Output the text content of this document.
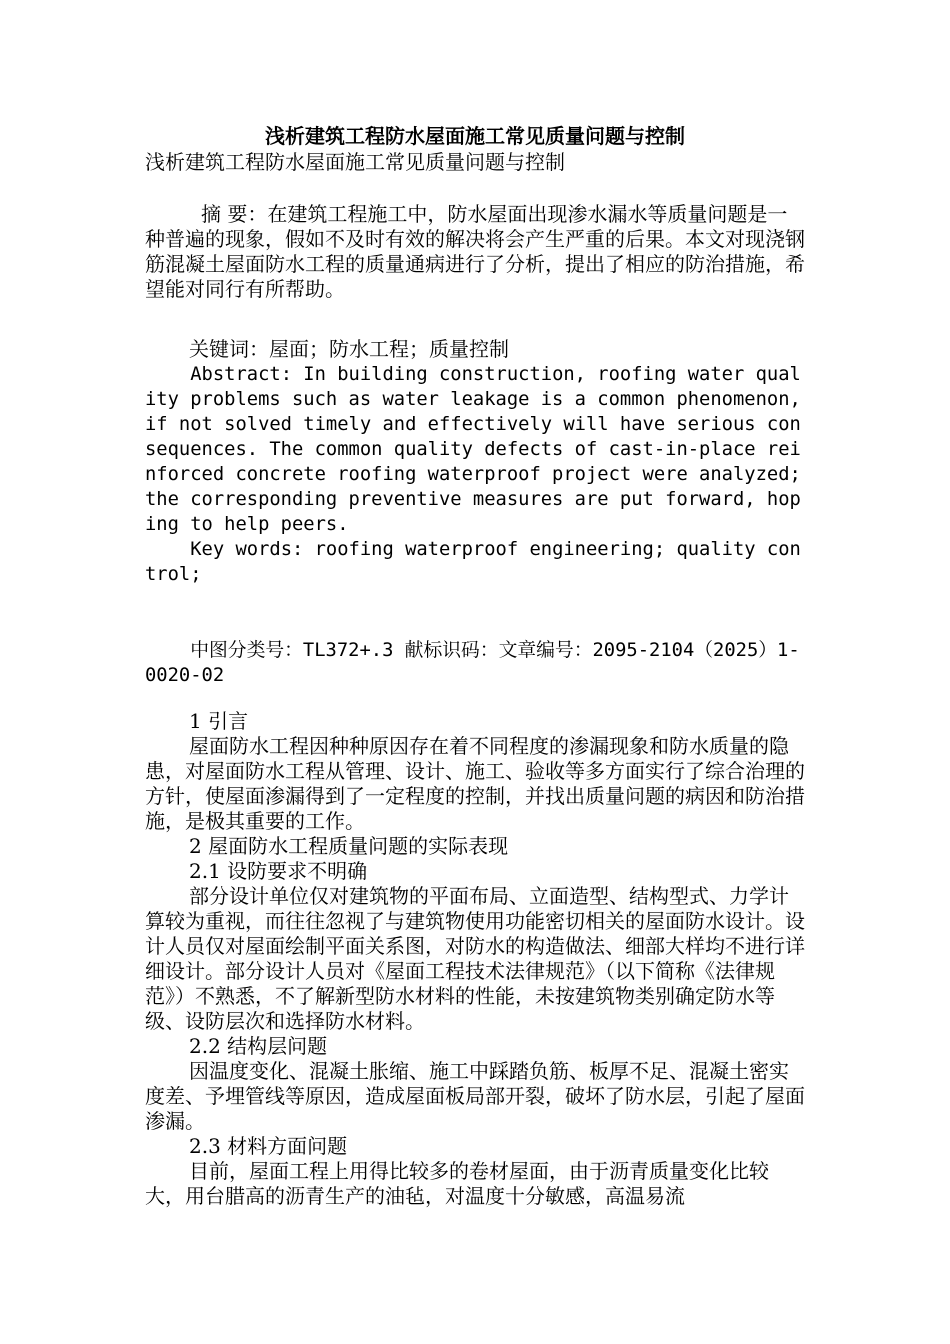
浅析建筑工程防水屋面施工常见质量问题与控制

浅析建筑工程防水屋面施工常见质量问题与控制

摘 要：在建筑工程施工中，防水屋面出现渗水漏水等质量问题是一种普遍的现象，假如不及时有效的解决将会产生严重的后果。本文对现浇钢筋混凝土屋面防水工程的质量通病进行了分析，提出了相应的防治措施，希望能对同行有所帮助。

关键词：屋面；防水工程；质量控制

Abstract: In building construction, roofing water quality problems such as water leakage is a common phenomenon, if not solved timely and effectively will have serious consequences. The common quality defects of cast-in-place reinforced concrete roofing waterproof project were analyzed; the corresponding preventive measures are put forward, hoping to help peers.
Key words: roofing waterproof engineering; quality control;
中图分类号：TL372+.3 献标识码：文章编号：2095-2104（2025）1-0020-02

1 引言

屋面防水工程因种种原因存在着不同程度的渗漏现象和防水质量的隐患，对屋面防水工程从管理、设计、施工、验收等多方面实行了综合治理的方针，使屋面渗漏得到了一定程度的控制，并找出质量问题的病因和防治措施，是极其重要的工作。

2 屋面防水工程质量问题的实际表现

2.1 设防要求不明确

部分设计单位仅对建筑物的平面布局、立面造型、结构型式、力学计算较为重视，而往往忽视了与建筑物使用功能密切相关的屋面防水设计。设计人员仅对屋面绘制平面关系图，对防水的构造做法、细部大样均不进行详细设计。部分设计人员对《屋面工程技术法律规范》（以下简称《法律规范》）不熟悉，不了解新型防水材料的性能，未按建筑物类别确定防水等级、设防层次和选择防水材料。

2.2 结构层问题

因温度变化、混凝土胀缩、施工中踩踏负筋、板厚不足、混凝土密实度差、予埋管线等原因，造成屋面板局部开裂，破坏了防水层，引起了屋面渗漏。

2.3 材料方面问题

目前，屋面工程上用得比较多的卷材屋面，由于沥青质量变化比较大，用台腊高的沥青生产的油毡，对温度十分敏感，高温易流
